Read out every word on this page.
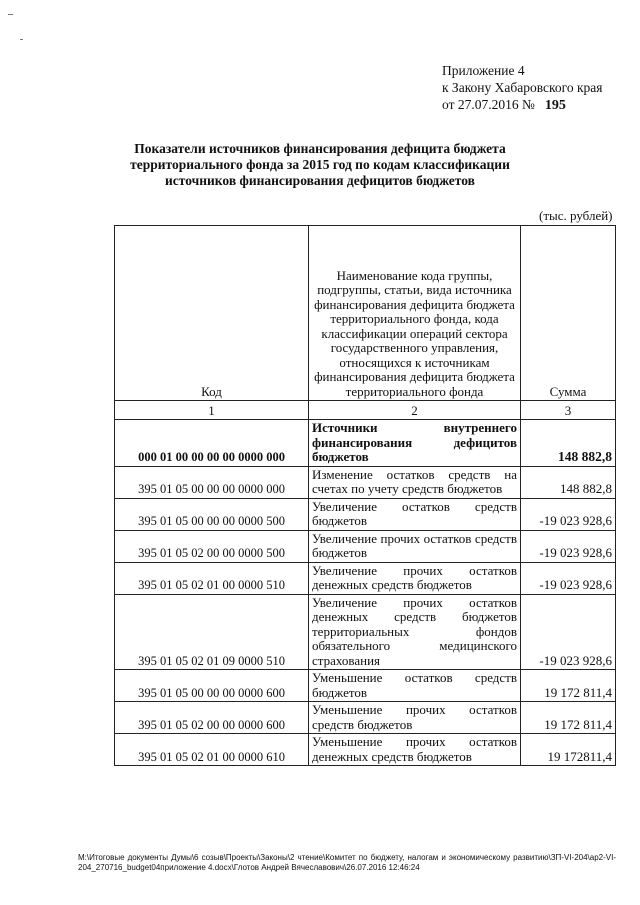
Приложение 4
к Закону Хабаровского края
от 27.07.2016 № 195
Показатели источников финансирования дефицита бюджета территориального фонда за 2015 год по кодам классификации источников финансирования дефицитов бюджетов
(тыс. рублей)
Код	Наименование кода группы, подгруппы, статьи, вида источника финансирования дефицита бюджета территориального фонда, кода классификации операций сектора государственного управления, относящихся к источникам финансирования дефицита бюджета территориального фонда	Сумма
1	2	3
000 01 00 00 00 00 0000 000	Источники внутреннего финансирования дефицитов бюджетов	148 882,8
395 01 05 00 00 00 0000 000	Изменение остатков средств на счетах по учету средств бюджетов	148 882,8
395 01 05 00 00 00 0000 500	Увеличение остатков средств бюджетов	-19 023 928,6
395 01 05 02 00 00 0000 500	Увеличение прочих остатков средств бюджетов	-19 023 928,6
395 01 05 02 01 00 0000 510	Увеличение прочих остатков денежных средств бюджетов	-19 023 928,6
395 01 05 02 01 09 0000 510	Увеличение прочих остатков денежных средств бюджетов территориальных фондов обязательного медицинского страхования	-19 023 928,6
395 01 05 00 00 00 0000 600	Уменьшение остатков средств бюджетов	19 172 811,4
395 01 05 02 00 00 0000 600	Уменьшение прочих остатков средств бюджетов	19 172 811,4
395 01 05 02 01 00 0000 610	Уменьшение прочих остатков денежных средств бюджетов	19 172811,4
M:\Итоговые документы Думы\6 созыв\Проекты\Законы\2 чтение\Комитет по бюджету, налогам и экономическому развитию\ЗП-VI-204\ар2-VI-204_270716_budget04приложение 4.docx\Глотов Андрей Вячеславович\26.07.2016 12:46:24
